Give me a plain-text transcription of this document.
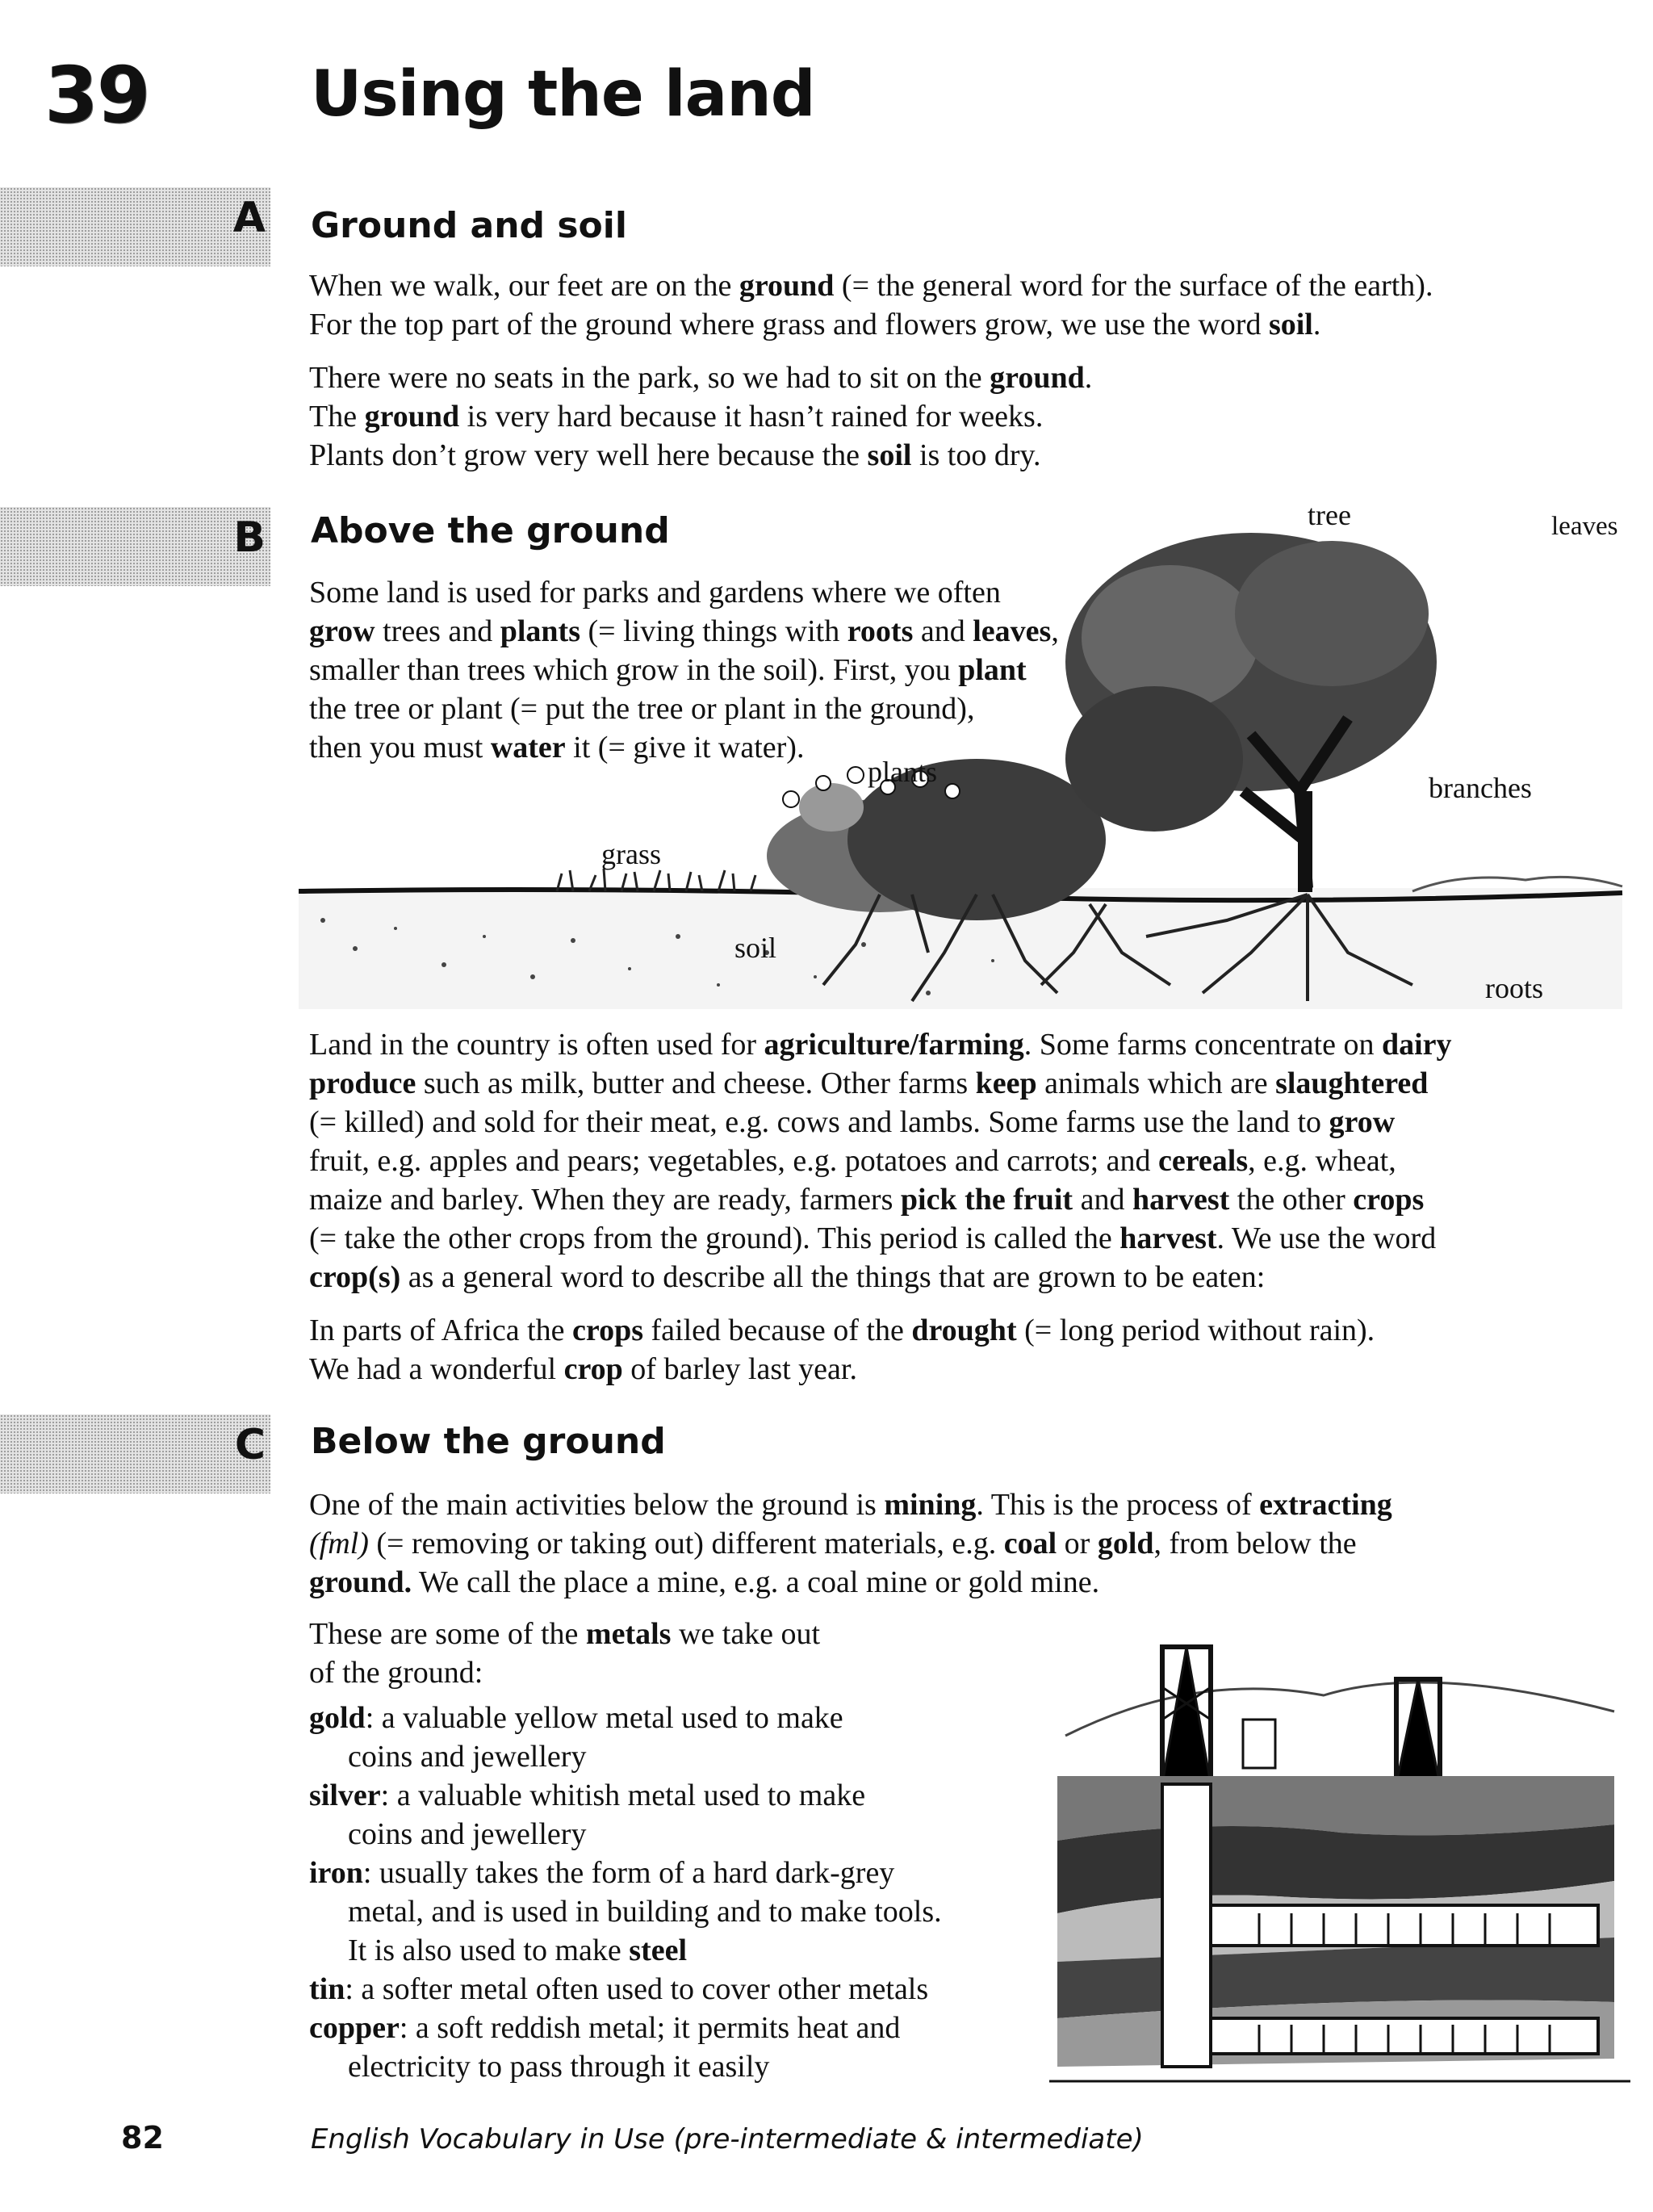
39	Using the land
A Ground and soil
When we walk, our feet are on the ground (= the general word for the surface of the earth).
For the top part of the ground where grass and flowers grow, we use the word soil.
There were no seats in the park, so we had to sit on the ground.
The ground is very hard because it hasn’t rained for weeks.
Plants don’t grow very well here because the soil is too dry.
B Above the ground
Some land is used for parks and gardens where we often
grow trees and plants (= living things with roots and leaves,
smaller than trees which grow in the soil). First, you plant
the tree or plant (= put the tree or plant in the ground),
then you must water it (= give it water).
tree	leaves
plants	branches
grass
soil
roots
Land in the country is often used for agriculture/farming. Some farms concentrate on dairy
produce such as milk, butter and cheese. Other farms keep animals which are slaughtered
(= killed) and sold for their meat, e.g. cows and lambs. Some farms use the land to grow
fruit, e.g. apples and pears; vegetables, e.g. potatoes and carrots; and cereals, e.g. wheat,
maize and barley. When they are ready, farmers pick the fruit and harvest the other crops
(= take the other crops from the ground). This period is called the harvest. We use the word
crop(s) as a general word to describe all the things that are grown to be eaten:
In parts of Africa the crops failed because of the drought (= long period without rain).
We had a wonderful crop of barley last year.
C Below the ground
One of the main activities below the ground is mining. This is the process of extracting
(fml) (= removing or taking out) different materials, e.g. coal or gold, from below the
ground. We call the place a mine, e.g. a coal mine or gold mine.
These are some of the metals we take out
of the ground:
gold: a valuable yellow metal used to make
coins and jewellery
silver: a valuable whitish metal used to make
coins and jewellery
iron: usually takes the form of a hard dark-grey
metal, and is used in building and to make tools.
It is also used to make steel
tin: a softer metal often used to cover other metals
copper: a soft reddish metal; it permits heat and
electricity to pass through it easily
82	English Vocabulary in Use (pre-intermediate & intermediate)
